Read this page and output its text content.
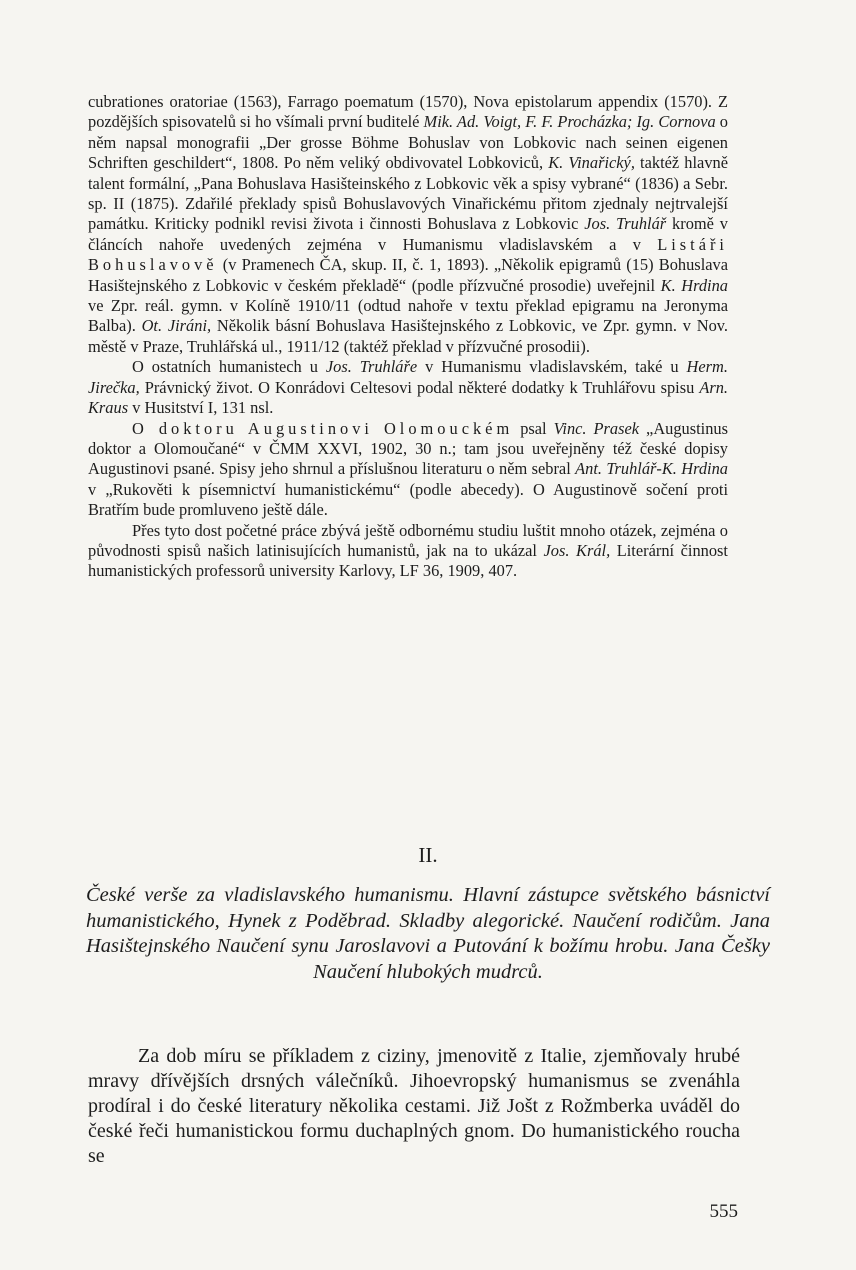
cubrationes oratoriae (1563), Farrago poematum (1570), Nova epistolarum appendix (1570). Z pozdějších spisovatelů si ho všímali první buditelé Mik. Ad. Voigt, F. F. Procházka; Ig. Cornova o něm napsal monografii „Der grosse Böhme Bohuslav von Lobkovic nach seinen eigenen Schriften geschildert“, 1808. Po něm veliký obdivovatel Lobkoviců, K. Vinařický, taktéž hlavně talent formální, „Pana Bohuslava Hasišteinského z Lobkovic věk a spisy vybrané“ (1836) a Sebr. sp. II (1875). Zdařilé překlady spisů Bohuslavových Vinařickému přitom zjednaly nejtrvalejší památku. Kriticky podnikl revisi života i činnosti Bohuslava z Lobkovic Jos. Truhlář kromě v článcích nahoře uvedených zejména v Humanismu vladislavském a v Listáři Bohuslavově (v Pramenech ČA, skup. II, č. 1, 1893). „Několik epigramů (15) Bohuslava Hasištejnského z Lobkovic v českém překladě“ (podle přízvučné prosodie) uveřejnil K. Hrdina ve Zpr. reál. gymn. v Kolíně 1910/11 (odtud nahoře v textu překlad epigramu na Jeronyma Balba). Ot. Jiráni, Několik básní Bohuslava Hasištejnského z Lobkovic, ve Zpr. gymn. v Nov. městě v Praze, Truhlářská ul., 1911/12 (taktéž překlad v přízvučné prosodii).

O ostatních humanistech u Jos. Truhláře v Humanismu vladislavském, také u Herm. Jirečka, Právnický život. O Konrádovi Celtesovi podal některé dodatky k Truhlářovu spisu Arn. Kraus v Husitství I, 131 nsl.

O doktoru Augustinovi Olomouckém psal Vinc. Prasek „Augustinus doktor a Olomoučané“ v ČMM XXVI, 1902, 30 n.; tam jsou uveřejněny též české dopisy Augustinovi psané. Spisy jeho shrnul a příslušnou literaturu o něm sebral Ant. Truhlář-K. Hrdina v „Rukověti k písemnictví humanistickému“ (podle abecedy). O Augustinově sočení proti Bratřím bude promluveno ještě dále.

Přes tyto dost početné práce zbývá ještě odbornému studiu luštit mnoho otázek, zejména o původnosti spisů našich latinisujících humanistů, jak na to ukázal Jos. Král, Literární činnost humanistických professorů university Karlovy, LF 36, 1909, 407.

II.
České verše za vladislavského humanismu. Hlavní zástupce světského básnictví humanistického, Hynek z Poděbrad. Skladby alegorické. Naučení rodičům. Jana Hasištejnského Naučení synu Jaroslavovi a Putování k božímu hrobu. Jana Češky Naučení hlubokých mudrců.
Za dob míru se příkladem z ciziny, jmenovitě z Italie, zjemňovaly hrubé mravy dřívějších drsných válečníků. Jihoevropský humanismus se zvenáhla prodíral i do české literatury několika cestami. Již Jošt z Rožmberka uváděl do české řeči humanistickou formu duchaplných gnom. Do humanistického roucha se
555
